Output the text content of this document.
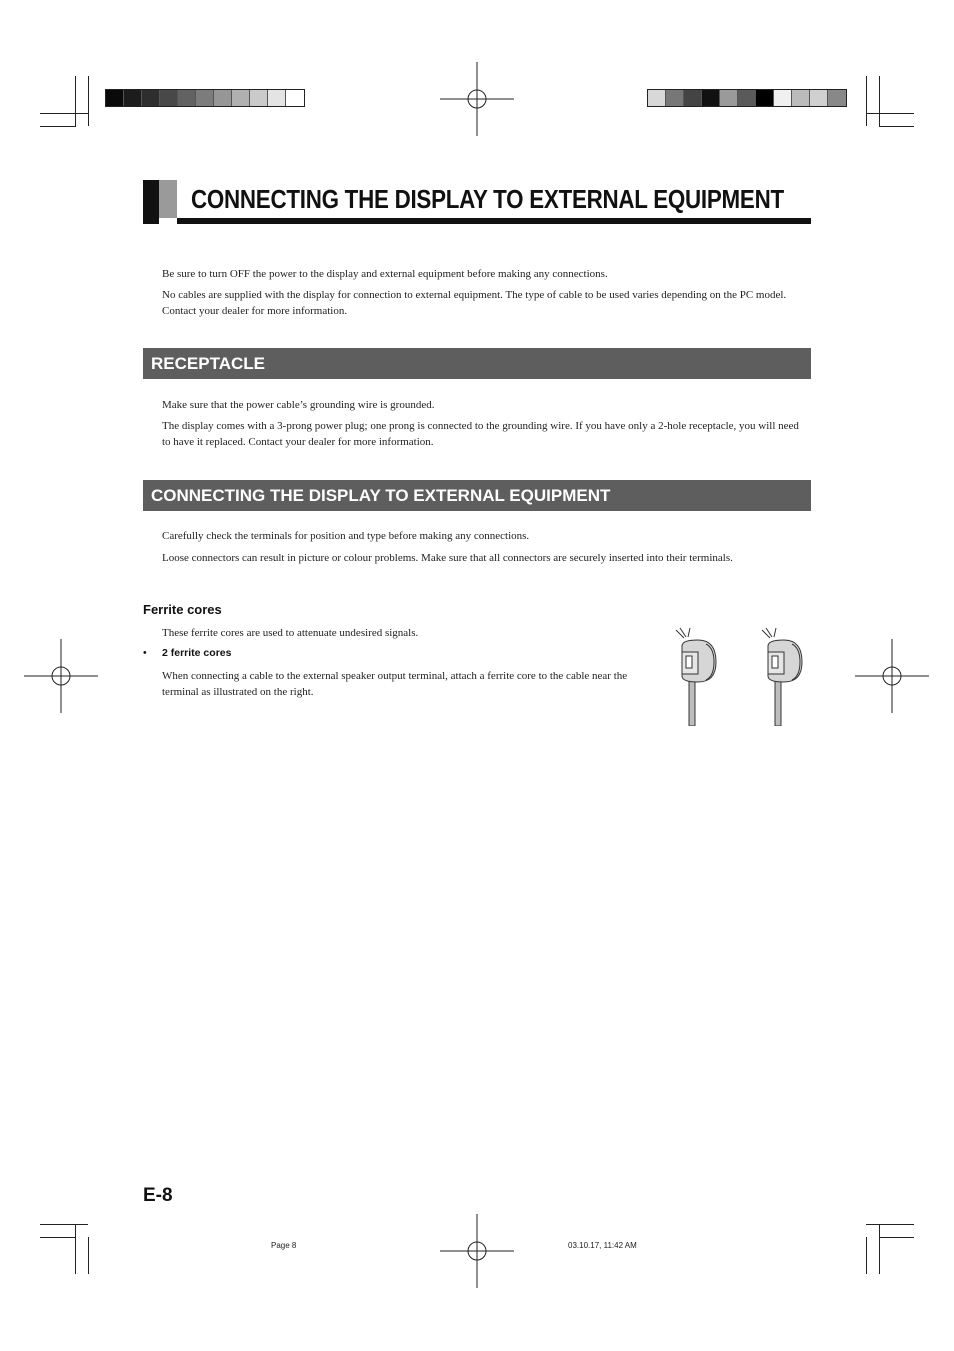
CONNECTING THE DISPLAY TO EXTERNAL EQUIPMENT
Be sure to turn OFF the power to the display and external equipment before making any connections.
No cables are supplied with the display for connection to external equipment. The type of cable to be used varies depending on the PC model. Contact your dealer for more information.
RECEPTACLE
Make sure that the power cable’s grounding wire is grounded.
The display comes with a 3-prong power plug; one prong is connected to the grounding wire. If you have only a 2-hole receptacle, you will need to have it replaced. Contact your dealer for more information.
CONNECTING THE DISPLAY TO EXTERNAL EQUIPMENT
Carefully check the terminals for position and type before making any connections.
Loose connectors can result in picture or colour problems. Make sure that all connectors are securely inserted into their terminals.
Ferrite cores
These ferrite cores are used to attenuate undesired signals.
• 2 ferrite cores
When connecting a cable to the external speaker output terminal, attach a ferrite core to the cable near the terminal as illustrated on the right.
E-8
Page 8	03.10.17, 11:42 AM
